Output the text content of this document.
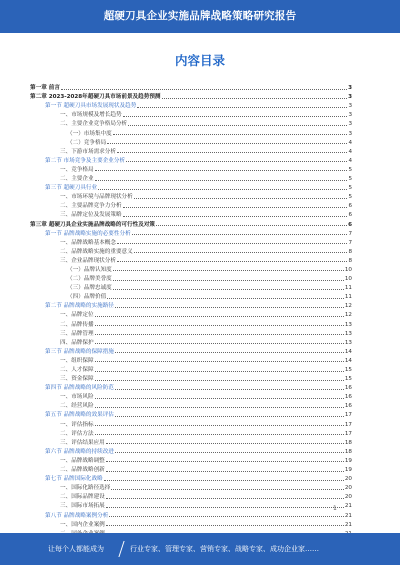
超硬刀具企业实施品牌战略策略研究报告
内容目录
第一章 前言	3
第二章 2023-2028年超硬刀具市场前景及趋势预测	3
第一节 超硬刀具市场发展现状及趋势	3
一、市场规模及增长趋势	3
二、主要企业竞争格局分析	3
（一）市场集中度	3
（二）竞争格局	4
三、下游市场需求分析	4
第二节 市场竞争及主要企业分析	4
一、竞争格局	5
二、主要企业	5
第三节 超硬刀具行业	5
一、市场环境与品牌现状分析	5
二、主要品牌竞争力分析	6
三、品牌定位及发展策略	6
第三章 超硬刀具企业实施品牌战略的可行性及对策	6
第一节 品牌战略实施的必要性分析	7
一、品牌战略基本概念	7
二、品牌战略实施的重要意义	8
三、企业品牌现状分析	8
（一）品牌认知度	10
（二）品牌美誉度	10
（三）品牌忠诚度	11
（四）品牌价值	11
第二节 品牌战略的实施路径	12
一、品牌定位	12
二、品牌传播	13
三、品牌管理	13
四、品牌保护	13
第三节 品牌战略的保障措施	14
一、组织保障	14
二、人才保障	15
三、资金保障	15
第四节 品牌战略的风险防范	16
一、市场风险	16
二、经营风险	16
第五节 品牌战略的效果评估	17
一、评估指标	17
二、评估方法	17
三、评估结果应用	18
第六节 品牌战略的持续改进	18
一、品牌战略调整	19
二、品牌战略创新	19
第七节 品牌国际化战略	20
一、国际化路径选择	20
二、国际品牌建设	20
三、国际市场拓展	21
第八节 品牌战略案例分析	21
一、国内企业案例	21
1
让每个人都能成为	行业专家、管理专家、营销专家、战略专家、成功企业家……
